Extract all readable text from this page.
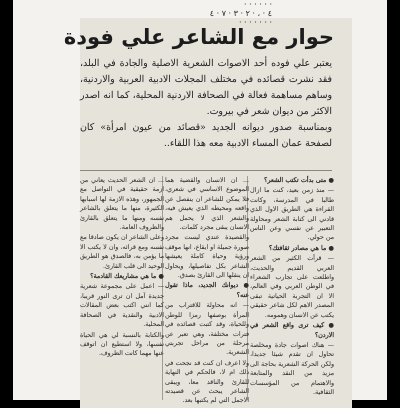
· · · · · ·
٤ · ، · ٢ · ٣ · ٧ · ٤
· · · · · · ·
حوار مع الشاعر علي فودة

يعتبر علي فوده أحد الاصوات الشعرية الاصلية والجادة في البلد، فقد نشرت قصائده في مختلف المجلات الادبية العربية والاردنية، وساهم مساهمة فعالة في الصحافة الاردنية المحلية، كما انه اصدر الاكثر من ديوان شعر في بيروت.

وبمناسبة صدور ديوانه الجديد «قصائد من عيون امرأة» كان لصفحة عمان المساء الادبية معه هذا اللقاء..

● متى بدأت تكتب الشعر؟

— منذ زمن بعيد، كنت ما ازال طالبا في المدرسة، وكانت القراءة هي الطريق الاول الذي قادني الى كتابة الشعر ومحاولة التعبير عن نفسي وعن الناس من حولي.

● ما هي مصادر ثقافتك؟

— قرأت الكثير من الشعر العربي القديم والحديث، واطلعت على تجارب الشعراء في الوطن العربي وفي العالم، الا ان التجربة الحياتية تبقى المصدر الاهم لكل شاعر حقيقي يكتب عن الانسان وهمومه.

● كيف ترى واقع الشعر في الاردن؟

— هناك اصوات جادة ومخلصة تحاول ان تقدم شيئا جديدا، ولكن الحركة الشعرية بحاجة الى مزيد من النقد والمتابعة والاهتمام من المؤسسات الثقافية.

... ان الانسان والقضية هما الموضوع الاساسي في شعري، فلا يمكن للشاعر ان ينفصل عن واقعه ومحيطه الذي يعيش فيه، والشعر الذي لا يحمل هم الانسان يبقى مجرد كلمات.

والقصيدة عندي ليست مجرد صورة جميلة او ايقاع، انها موقف ورؤية وحياة كاملة يعيشها الشاعر بكل تفاصيلها، ويحاول ان ينقلها الى القارئ بصدق.

● ديوانك الجديد، ماذا تقول عنه؟

— انه محاولة للاقتراب من المرأة بوصفها رمزا للوطن وللحياة، وقد كتبت قصائده في فترات مختلفة، وهي تعبر عن مرحلة من مراحل تجربتي الشعرية.

ولا اعرف ان كنت قد نجحت في ذلك ام لا، فالحكم في النهاية للقارئ والناقد معا، ويبقى الشاعر يبحث عن قصيدته الاجمل التي لم يكتبها بعد.

... ان الشعر الحديث يعاني من ازمة حقيقية في التواصل مع الجمهور، وهذه الازمة لها اسبابها الكثيرة، منها ما يتعلق بالشاعر نفسه ومنها ما يتعلق بالقارئ والظروف العامة.

وعلى الشاعر ان يكون صادقا مع نفسه ومع قرائه، وان لا يكتب الا ما يؤمن به، فالصدق هو الطريق الوحيد الى قلب القارئ.

● ما هي مشاريعك القادمة؟

— اعمل على مجموعة شعرية جديدة آمل ان ترى النور قريبا، كما انني اكتب بعض المقالات الادبية والنقدية في الصحافة المحلية.

والكتابة بالنسبة لي هي الحياة نفسها، ولا استطيع ان اتوقف عنها مهما كانت الظروف.
